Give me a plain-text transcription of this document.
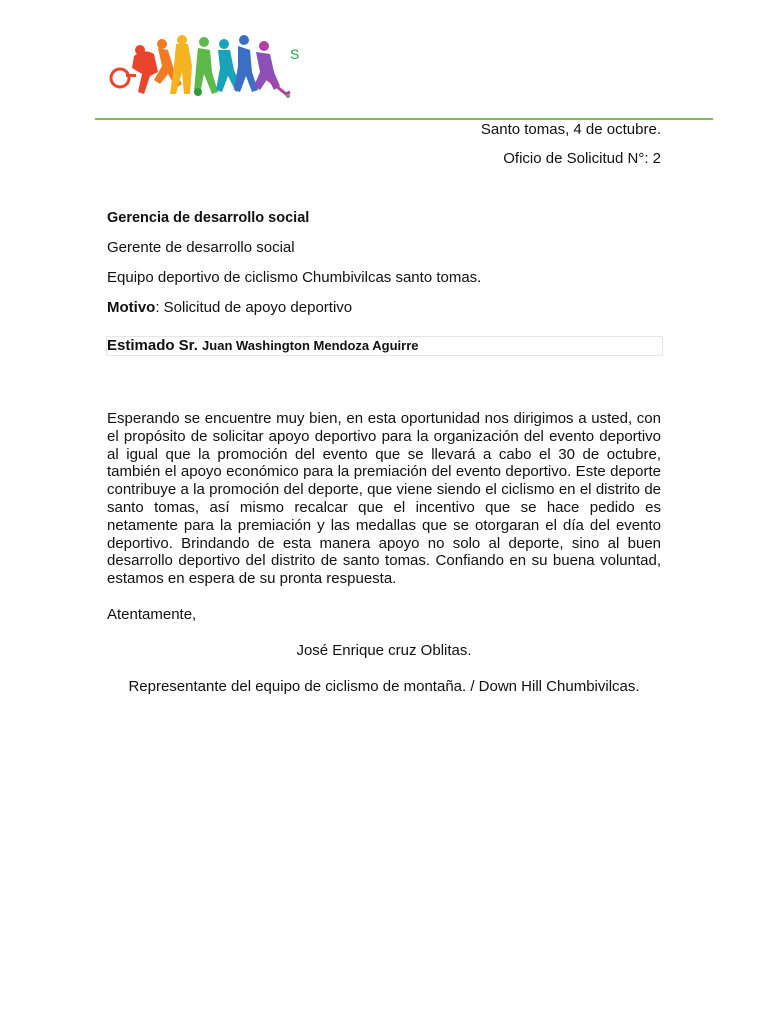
S
Santo tomas, 4 de octubre.
Oficio de Solicitud N°: 2
Gerencia de desarrollo social
Gerente de desarrollo social
Equipo deportivo de ciclismo Chumbivilcas santo tomas.
Motivo: Solicitud de apoyo deportivo
Estimado Sr. Juan Washington Mendoza Aguirre
Esperando se encuentre muy bien, en esta oportunidad nos dirigimos a usted, con el propósito de solicitar apoyo deportivo para la organización del evento deportivo al igual que la promoción del evento que se llevará a cabo el 30 de octubre, también el apoyo económico para la premiación del evento deportivo. Este deporte contribuye a la promoción del deporte, que viene siendo el ciclismo en el distrito de santo tomas, así mismo recalcar que el incentivo que se hace pedido es netamente para la premiación y las medallas que se otorgaran el día del evento deportivo. Brindando de esta manera apoyo no solo al deporte, sino al buen desarrollo deportivo del distrito de santo tomas. Confiando en su buena voluntad, estamos en espera de su pronta respuesta.
Atentamente,
José Enrique cruz Oblitas.
Representante del equipo de ciclismo de montaña. / Down Hill Chumbivilcas.
